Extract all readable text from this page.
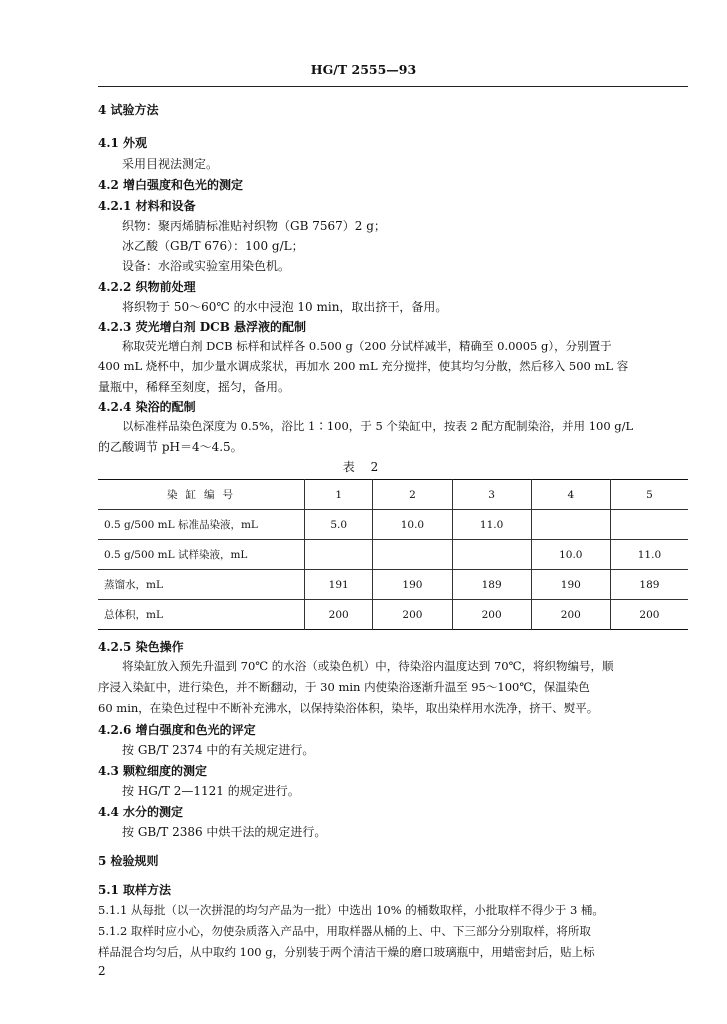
HG/T 2555—93
4 试验方法
4.1 外观
采用目视法测定。
4.2 增白强度和色光的测定
4.2.1 材料和设备
织物：聚丙烯腈标准贴衬织物（GB 7567）2 g；
冰乙酸（GB/T 676）：100 g/L；
设备：水浴或实验室用染色机。
4.2.2 织物前处理
将织物于 50～60℃ 的水中浸泡 10 min，取出挤干，备用。
4.2.3 荧光增白剂 DCB 悬浮液的配制
称取荧光增白剂 DCB 标样和试样各 0.500 g（200 分试样减半，精确至 0.0005 g），分别置于
400 mL 烧杯中，加少量水调成浆状，再加水 200 mL 充分搅拌，使其均匀分散，然后移入 500 mL 容
量瓶中，稀释至刻度，摇匀，备用。
4.2.4 染浴的配制
以标准样品染色深度为 0.5%，浴比 1∶100，于 5 个染缸中，按表 2 配方配制染浴，并用 100 g/L
的乙酸调节 pH＝4～4.5。
表 2
染缸编号	1	2	3	4	5
0.5 g/500 mL 标准品染液，mL	5.0	10.0	11.0		
0.5 g/500 mL 试样染液，mL				10.0	11.0
蒸馏水，mL	191	190	189	190	189
总体积，mL	200	200	200	200	200
4.2.5 染色操作
将染缸放入预先升温到 70℃ 的水浴（或染色机）中，待染浴内温度达到 70℃，将织物编号，顺
序浸入染缸中，进行染色，并不断翻动，于 30 min 内使染浴逐渐升温至 95～100℃，保温染色
60 min，在染色过程中不断补充沸水，以保持染浴体积，染毕，取出染样用水洗净，挤干、熨平。
4.2.6 增白强度和色光的评定
按 GB/T 2374 中的有关规定进行。
4.3 颗粒细度的测定
按 HG/T 2—1121 的规定进行。
4.4 水分的测定
按 GB/T 2386 中烘干法的规定进行。
5 检验规则
5.1 取样方法
5.1.1 从每批（以一次拼混的均匀产品为一批）中选出 10% 的桶数取样，小批取样不得少于 3 桶。
5.1.2 取样时应小心，勿使杂质落入产品中，用取样器从桶的上、中、下三部分分别取样，将所取
样品混合均匀后，从中取约 100 g，分别装于两个清洁干燥的磨口玻璃瓶中，用蜡密封后，贴上标
2
